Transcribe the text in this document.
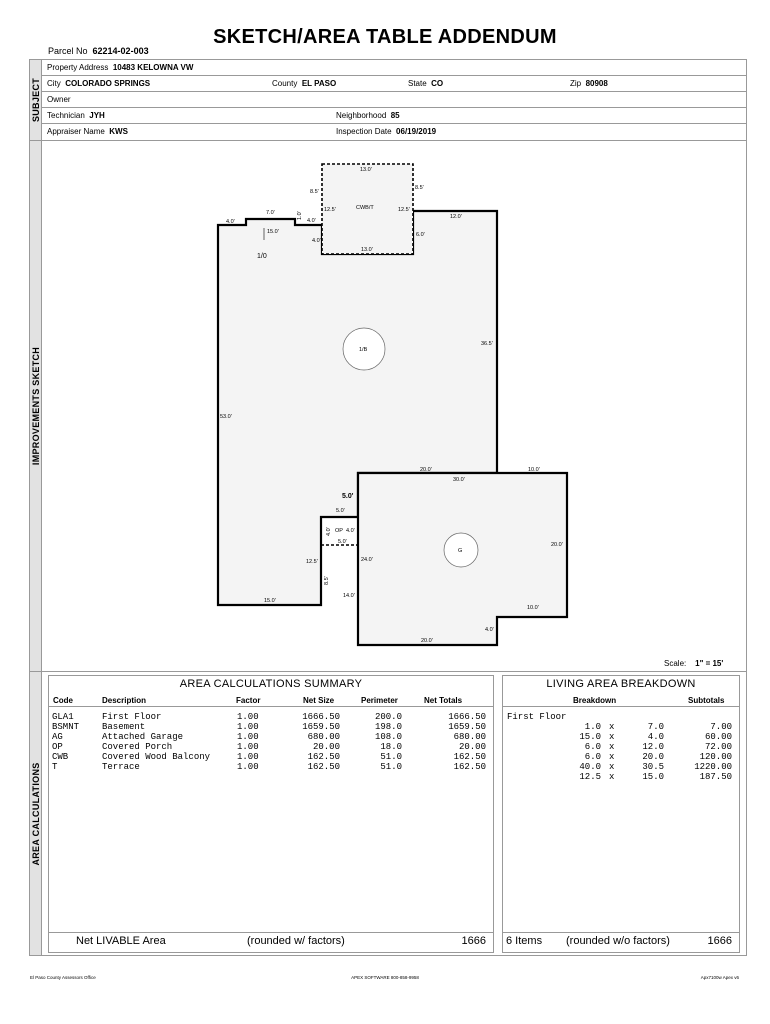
SKETCH/AREA TABLE ADDENDUM
Parcel No 62214-02-003
SUBJECT
Property Address 10483 KELOWNA VW
City COLORADO SPRINGS	County EL PASO	State CO	Zip 80908
Owner
Technician JYH	Neighborhood 85
Appraiser Name KWS	Inspection Date 06/19/2019
IMPROVEMENTS SKETCH
CWB/T
1/B
G
OP
1/0
13.0'
8.5'
8.5'
12.5'	12.5'
7.0'	1.0'
4.0'	4.0'
15.0'
12.0'
6.0'
4.0'
13.0'
36.5'
53.0'
20.0'	10.0'
30.0'
5.0'
5.0'
4.0'
4.0'
5.0'	20.0'
24.0'
12.5'
8.5'
14.0'
15.0'
10.0'
4.0'
20.0'
Scale: 1" = 15'
AREA CALCULATIONS
AREA CALCULATIONS SUMMARY
Code	Description	Factor	Net Size	Perimeter	Net Totals
GLA1	First Floor	1.00	1666.50	200.0	1666.50
BSMNT	Basement	1.00	1659.50	198.0	1659.50
AG	Attached Garage	1.00	680.00	108.0	680.00
OP	Covered Porch	1.00	20.00	18.0	20.00
CWB	Covered Wood Balcony	1.00	162.50	51.0	162.50
T	Terrace	1.00	162.50	51.0	162.50
Net LIVABLE Area	(rounded w/ factors)	1666
LIVING AREA BREAKDOWN
Breakdown	Subtotals
First Floor
1.0 x	7.0	7.00
15.0 x	4.0	60.00
6.0 x	12.0	72.00
6.0 x	20.0	120.00
40.0 x	30.5	1220.00
12.5 x	15.0	187.50
6 Items (rounded w/o factors)	1666
El Paso County Assessors Office	APEX SOFTWARE 800-858-9958	Apx7100w Apex v6
